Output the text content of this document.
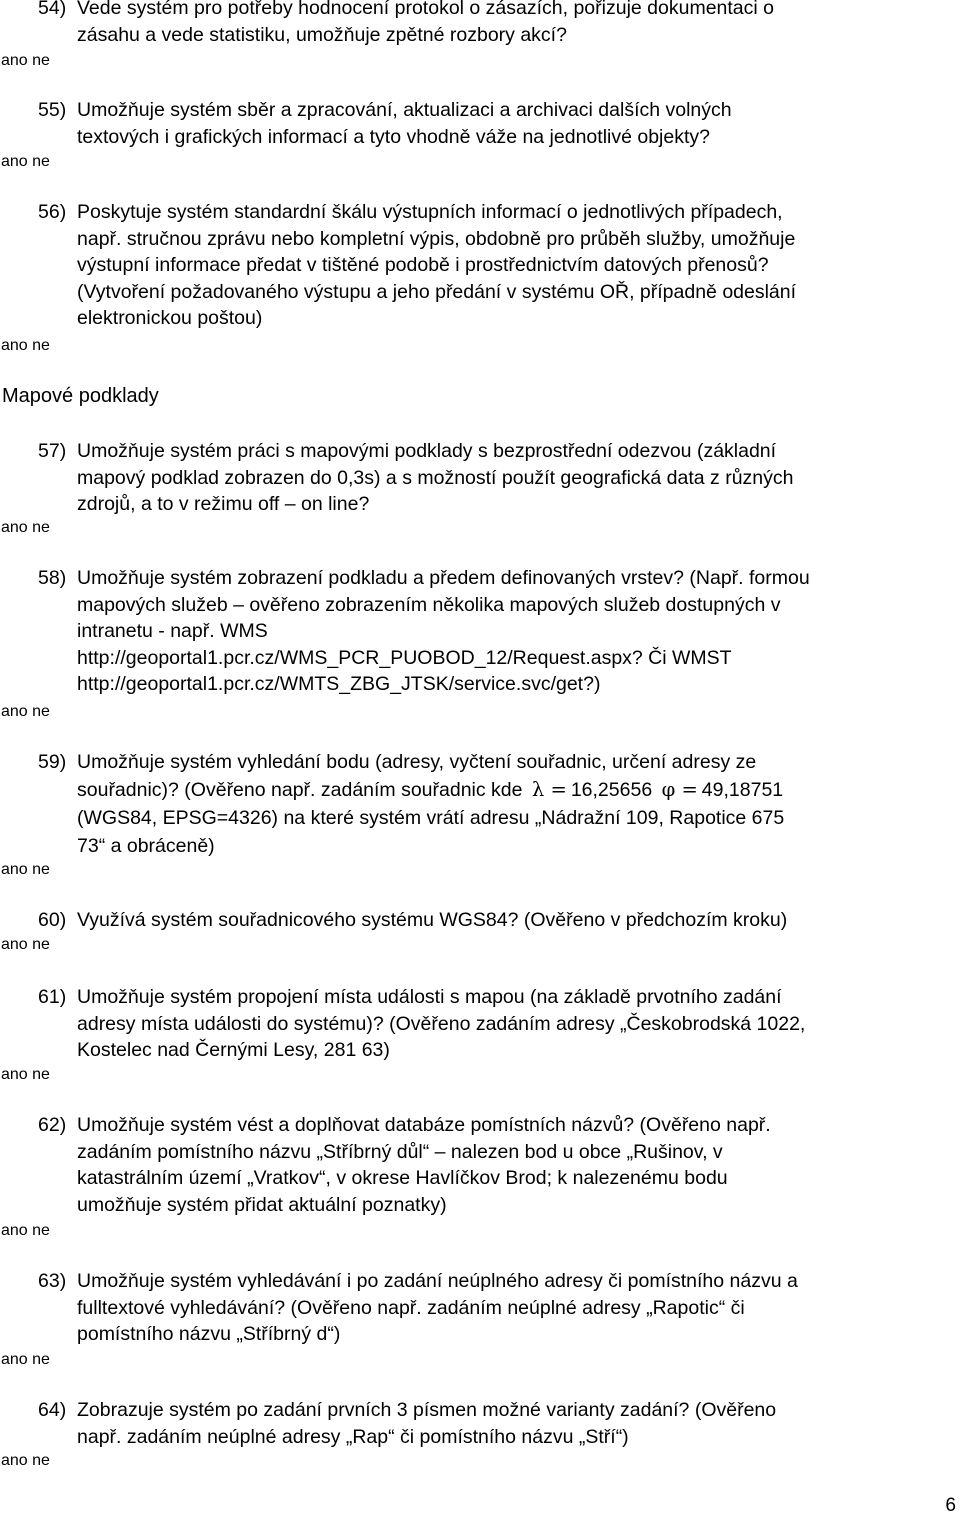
54) Vede systém pro potřeby hodnocení protokol o zásazích, pořizuje dokumentaci o
zásahu a vede statistiku, umožňuje zpětné rozbory akcí?
ano ne
55) Umožňuje systém sběr a zpracování, aktualizaci a archivaci dalších volných
textových i grafických informací a tyto vhodně váže na jednotlivé objekty?
ano ne
56) Poskytuje systém standardní škálu výstupních informací o jednotlivých případech,
např. stručnou zprávu nebo kompletní výpis, obdobně pro průběh služby, umožňuje
výstupní informace předat v tištěné podobě i prostřednictvím datových přenosů?
(Vytvoření požadovaného výstupu a jeho předání v systému OŘ, případně odeslání
elektronickou poštou)
ano ne
Mapové podklady
57) Umožňuje systém práci s mapovými podklady s bezprostřední odezvou (základní
mapový podklad zobrazen do 0,3s) a s možností použít geografická data z různých
zdrojů, a to v režimu off – on line?
ano ne
58) Umožňuje systém zobrazení podkladu a předem definovaných vrstev? (Např. formou
mapových služeb – ověřeno zobrazením několika mapových služeb dostupných v
intranetu - např. WMS
http://geoportal1.pcr.cz/WMS_PCR_PUOBOD_12/Request.aspx? Či WMST
http://geoportal1.pcr.cz/WMTS_ZBG_JTSK/service.svc/get?)
ano ne
59) Umožňuje systém vyhledání bodu (adresy, vyčtení souřadnic, určení adresy ze
souřadnic)? (Ověřeno např. zadáním souřadnic kde λ = 16,25656 φ = 49,18751
(WGS84, EPSG=4326) na které systém vrátí adresu „Nádražní 109, Rapotice 675
73“ a obráceně)
ano ne
60) Využívá systém souřadnicového systému WGS84? (Ověřeno v předchozím kroku)
ano ne
61) Umožňuje systém propojení místa události s mapou (na základě prvotního zadání
adresy místa události do systému)? (Ověřeno zadáním adresy „Českobrodská 1022,
Kostelec nad Černými Lesy, 281 63)
ano ne
62) Umožňuje systém vést a doplňovat databáze pomístních názvů? (Ověřeno např.
zadáním pomístního názvu „Stříbrný důl“ – nalezen bod u obce „Rušinov, v
katastrálním území „Vratkov“, v okrese Havlíčkov Brod; k nalezenému bodu
umožňuje systém přidat aktuální poznatky)
ano ne
63) Umožňuje systém vyhledávání i po zadání neúplného adresy či pomístního názvu a
fulltextové vyhledávání? (Ověřeno např. zadáním neúplné adresy „Rapotic“ či
pomístního názvu „Stříbrný d“)
ano ne
64) Zobrazuje systém po zadání prvních 3 písmen možné varianty zadání? (Ověřeno
např. zadáním neúplné adresy „Rap“ či pomístního názvu „Stří“)
ano ne
6
